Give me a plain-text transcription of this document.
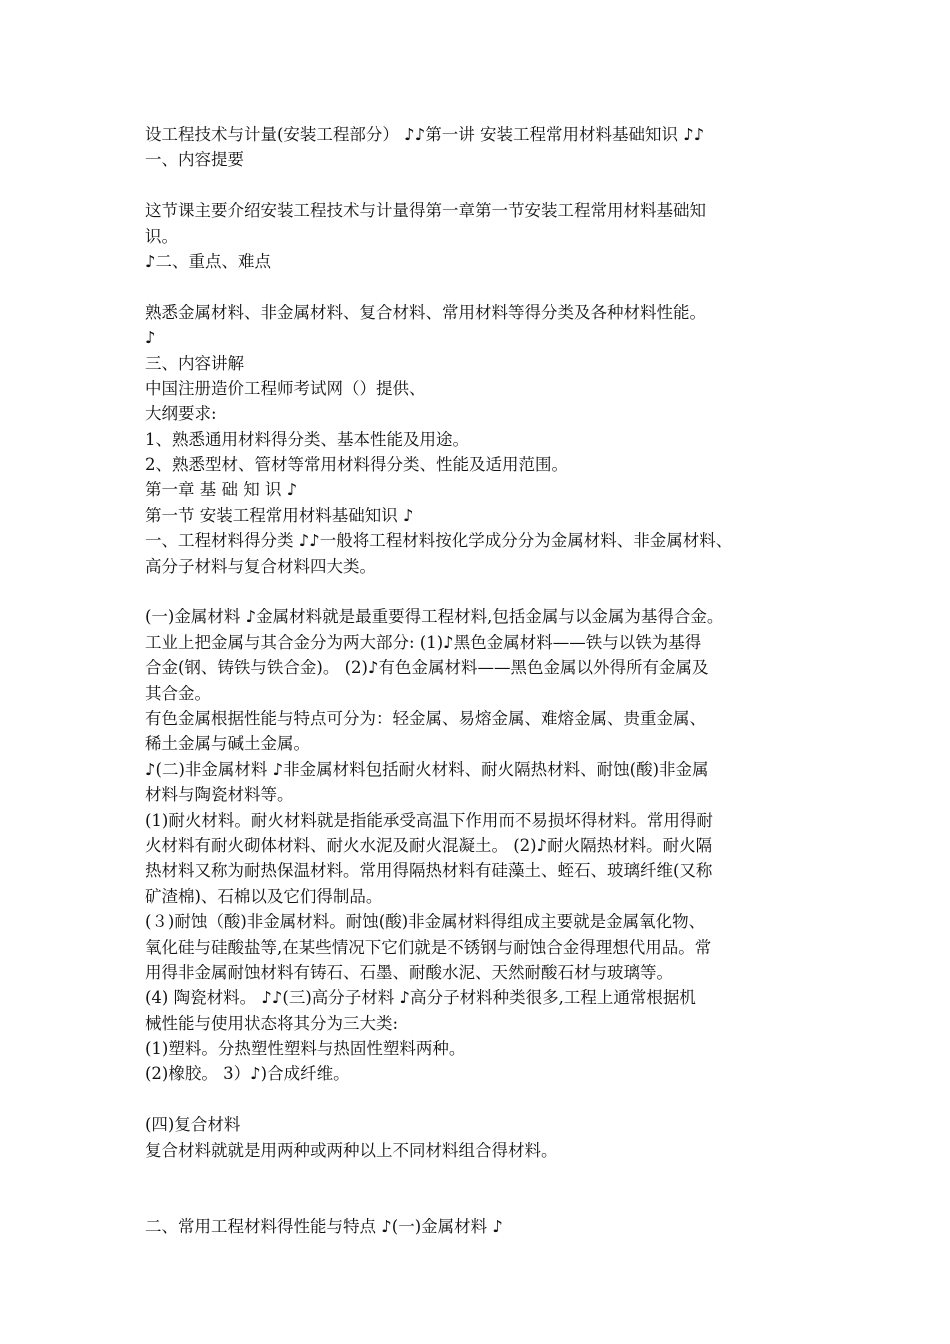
设工程技术与计量(安装工程部分） ♪♪第一讲 安装工程常用材料基础知识 ♪♪
一、内容提要
这节课主要介绍安装工程技术与计量得第一章第一节安装工程常用材料基础知
识。
♪二、重点、难点
熟悉金属材料、非金属材料、复合材料、常用材料等得分类及各种材料性能。
♪
三、内容讲解
中国注册造价工程师考试网（）提供、
大纲要求:
1、熟悉通用材料得分类、基本性能及用途。
2、熟悉型材、管材等常用材料得分类、性能及适用范围。
第一章 基 础 知 识 ♪
第一节 安装工程常用材料基础知识 ♪
一、工程材料得分类 ♪♪一般将工程材料按化学成分分为金属材料、非金属材料、
高分子材料与复合材料四大类。
(一)金属材料 ♪金属材料就是最重要得工程材料,包括金属与以金属为基得合金。
工业上把金属与其合金分为两大部分: (1)♪黑色金属材料——铁与以铁为基得
合金(钢、铸铁与铁合金)。 (2)♪有色金属材料——黑色金属以外得所有金属及
其合金。
有色金属根据性能与特点可分为：轻金属、易熔金属、难熔金属、贵重金属、
稀土金属与碱土金属。
♪(二)非金属材料 ♪非金属材料包括耐火材料、耐火隔热材料、耐蚀(酸)非金属
材料与陶瓷材料等。
(1)耐火材料。耐火材料就是指能承受高温下作用而不易损坏得材料。常用得耐
火材料有耐火砌体材料、耐火水泥及耐火混凝土。 (2)♪耐火隔热材料。耐火隔
热材料又称为耐热保温材料。常用得隔热材料有硅藻土、蛭石、玻璃纤维(又称
矿渣棉)、石棉以及它们得制品。
(３)耐蚀（酸)非金属材料。耐蚀(酸)非金属材料得组成主要就是金属氧化物、
氧化硅与硅酸盐等,在某些情况下它们就是不锈钢与耐蚀合金得理想代用品。常
用得非金属耐蚀材料有铸石、石墨、耐酸水泥、天然耐酸石材与玻璃等。
(4) 陶瓷材料。 ♪♪(三)高分子材料 ♪高分子材料种类很多,工程上通常根据机
械性能与使用状态将其分为三大类:
(1)塑料。分热塑性塑料与热固性塑料两种。
(2)橡胶。 3）♪)合成纤维。
(四)复合材料
复合材料就就是用两种或两种以上不同材料组合得材料。
二、常用工程材料得性能与特点 ♪(一)金属材料 ♪
